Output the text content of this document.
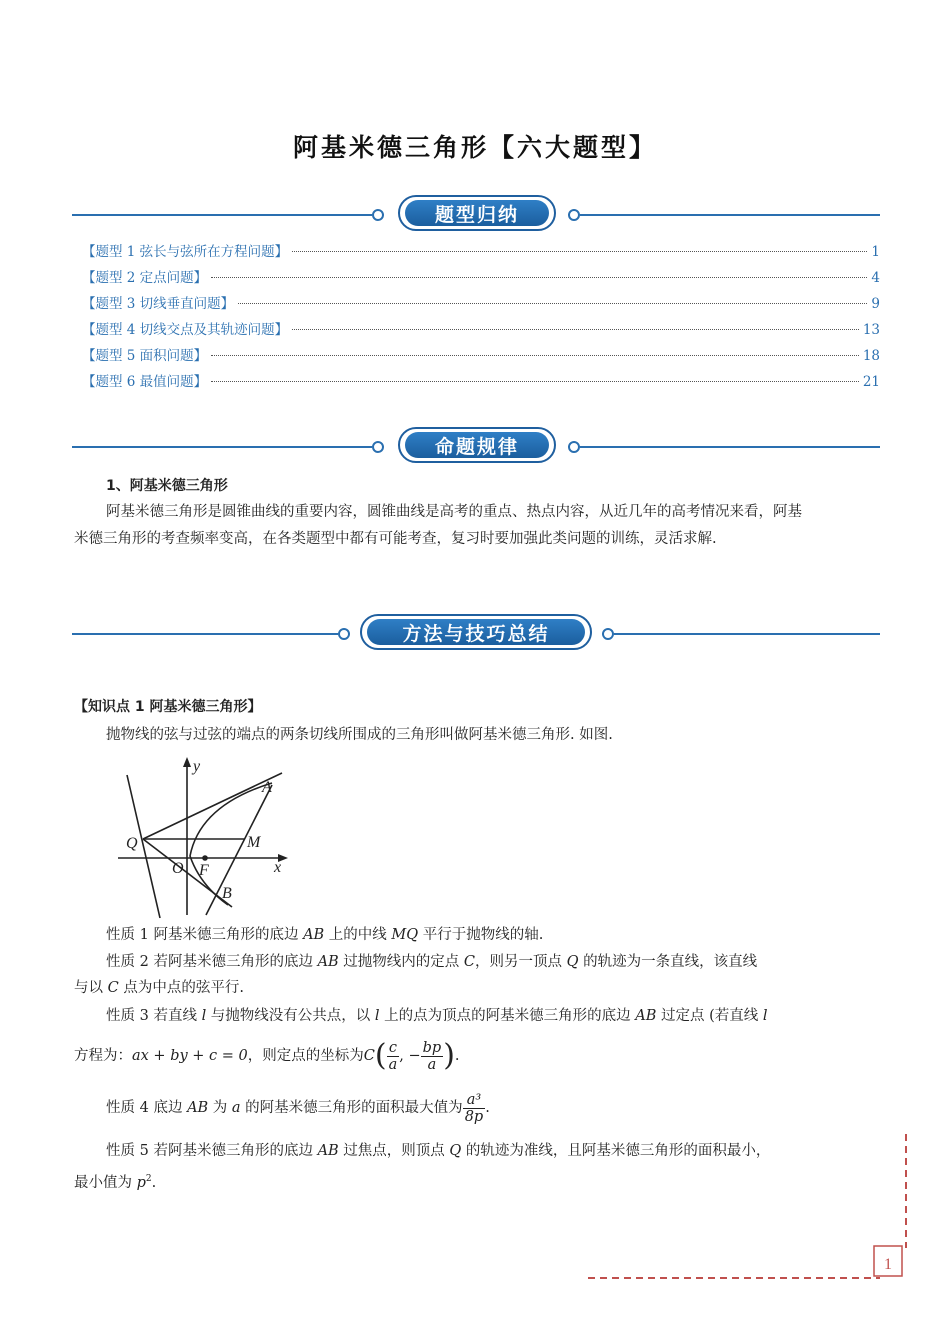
阿基米德三角形【六大题型】
题型归纳
【题型 1 弦长与弦所在方程问题】	1
【题型 2 定点问题】	4
【题型 3 切线垂直问题】	9
【题型 4 切线交点及其轨迹问题】	13
【题型 5 面积问题】	18
【题型 6 最值问题】	21
命题规律
1、阿基米德三角形
阿基米德三角形是圆锥曲线的重要内容，圆锥曲线是高考的重点、热点内容，从近几年的高考情况来看，阿基
米德三角形的考查频率变高，在各类题型中都有可能考查，复习时要加强此类问题的训练，灵活求解.
方法与技巧总结
【知识点 1 阿基米德三角形】
抛物线的弦与过弦的端点的两条切线所围成的三角形叫做阿基米德三角形. 如图.
y
x
A
B
Q	M
O F
性质 1 阿基米德三角形的底边 AB 上的中线 MQ 平行于抛物线的轴.
性质 2 若阿基米德三角形的底边 AB 过抛物线内的定点 C，则另一顶点 Q 的轨迹为一条直线，该直线
与以 C 点为中点的弦平行.
性质 3 若直线 l 与抛物线没有公共点，以 l 上的点为顶点的阿基米德三角形的底边 AB 过定点 (若直线 l
方程为：ax + by + c = 0，则定点的坐标为$C( \frac{c}{a}$ , − $\frac{bp}{a}$ ).
性质 4 底边 AB 为 a 的阿基米德三角形的面积最大值为 $\frac{\text{a³}}{8p}$ .
性质 5 若阿基米德三角形的底边 AB 过焦点，则顶点 Q 的轨迹为准线，且阿基米德三角形的面积最小，
最小值为 $p^2$.
1
